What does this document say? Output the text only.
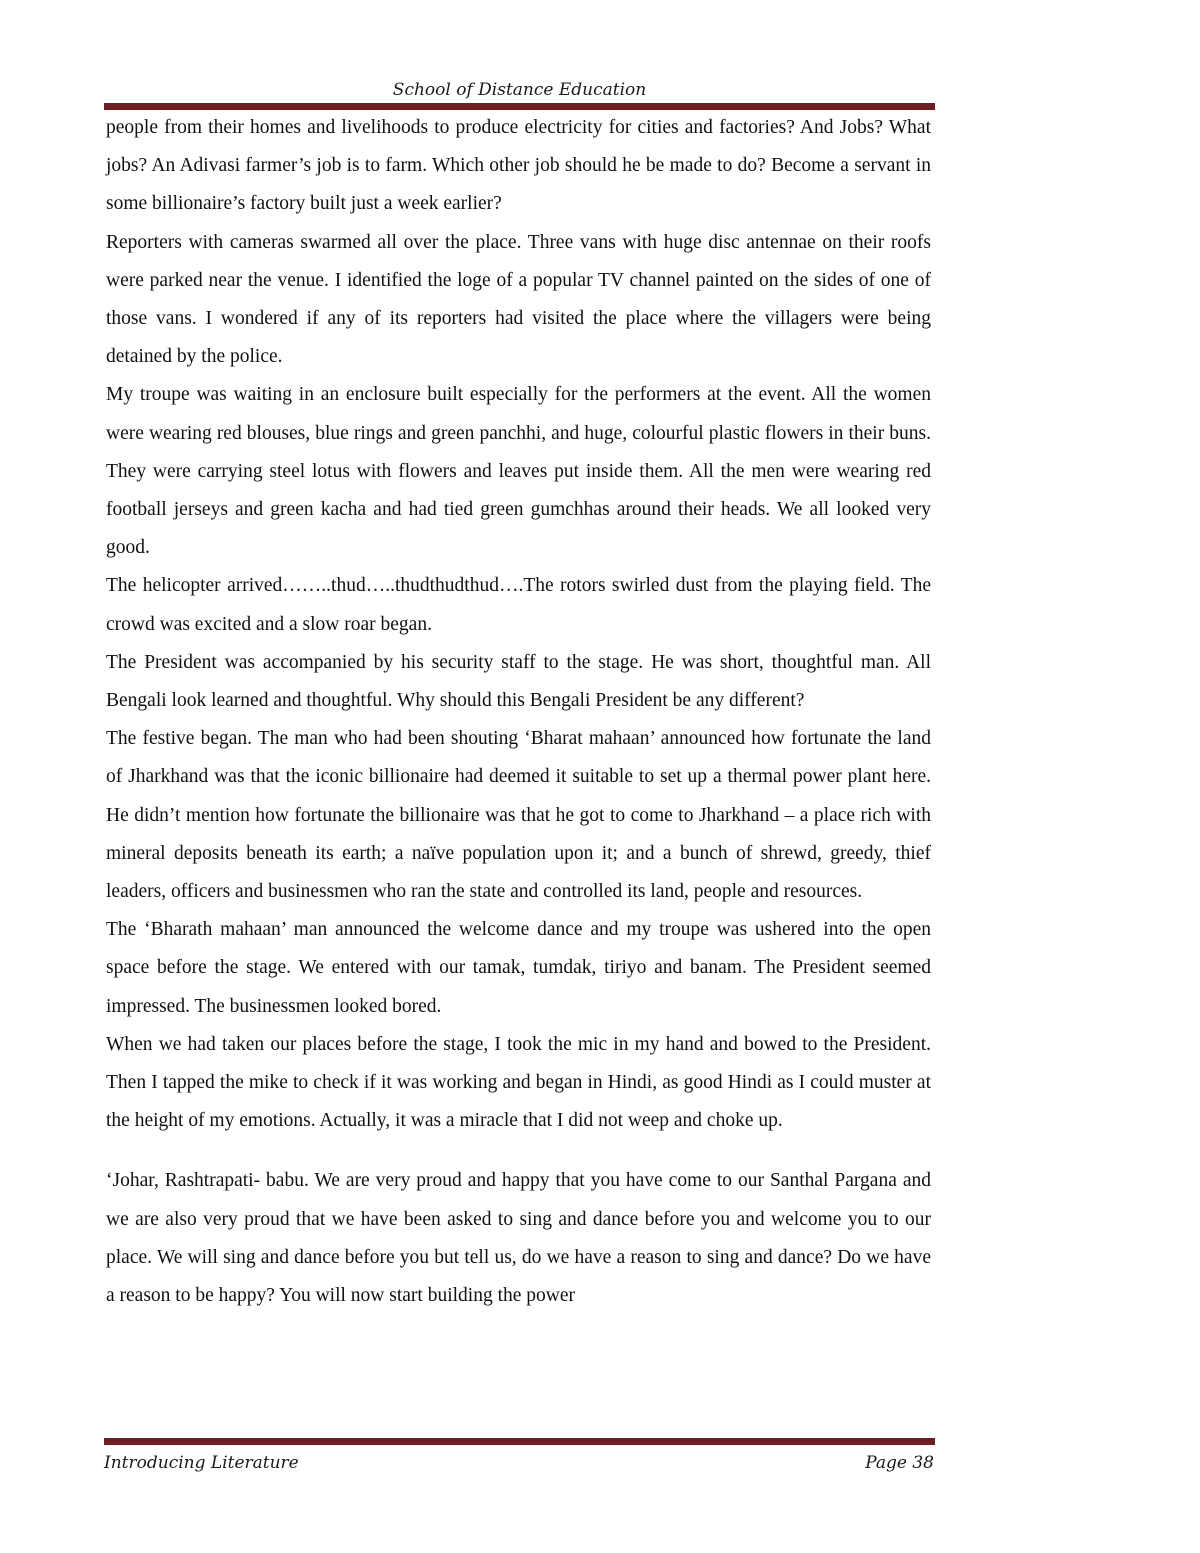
School of Distance Education

people from their homes and livelihoods to produce electricity for cities and factories? And Jobs? What jobs? An Adivasi farmer’s job is to farm. Which other job should he be made to do? Become a servant in some billionaire’s factory built just a week earlier?

Reporters with cameras swarmed all over the place. Three vans with huge disc antennae on their roofs were parked near the venue. I identified the loge of a popular TV channel painted on the sides of one of those vans. I wondered if any of its reporters had visited the place where the villagers were being detained by the police.

My troupe was waiting in an enclosure built especially for the performers at the event. All the women were wearing red blouses, blue rings and green panchhi, and huge, colourful plastic flowers in their buns. They were carrying steel lotus with flowers and leaves put inside them. All the men were wearing red football jerseys and green kacha and had tied green gumchhas around their heads. We all looked very good.

The helicopter arrived……..thud…..thudthudthud….The rotors swirled dust from the playing field. The crowd was excited and a slow roar began.

The President was accompanied by his security staff to the stage. He was short, thoughtful man. All Bengali look learned and thoughtful. Why should this Bengali President be any different?

The festive began. The man who had been shouting ‘Bharat mahaan’ announced how fortunate the land of Jharkhand was that the iconic billionaire had deemed it suitable to set up a thermal power plant here. He didn’t mention how fortunate the billionaire was that he got to come to Jharkhand – a place rich with mineral deposits beneath its earth; a naïve population upon it; and a bunch of shrewd, greedy, thief leaders, officers and businessmen who ran the state and controlled its land, people and resources.

The ‘Bharath mahaan’ man announced the welcome dance and my troupe was ushered into the open space before the stage. We entered with our tamak, tumdak, tiriyo and banam. The President seemed impressed. The businessmen looked bored.

When we had taken our places before the stage, I took the mic in my hand and bowed to the President. Then I tapped the mike to check if it was working and began in Hindi, as good Hindi as I could muster at the height of my emotions. Actually, it was a miracle that I did not weep and choke up.

‘Johar, Rashtrapati- babu. We are very proud and happy that you have come to our Santhal Pargana and we are also very proud that we have been asked to sing and dance before you and welcome you to our place. We will sing and dance before you but tell us, do we have a reason to sing and dance? Do we have a reason to be happy? You will now start building the power

Introducing Literature	Page 38
